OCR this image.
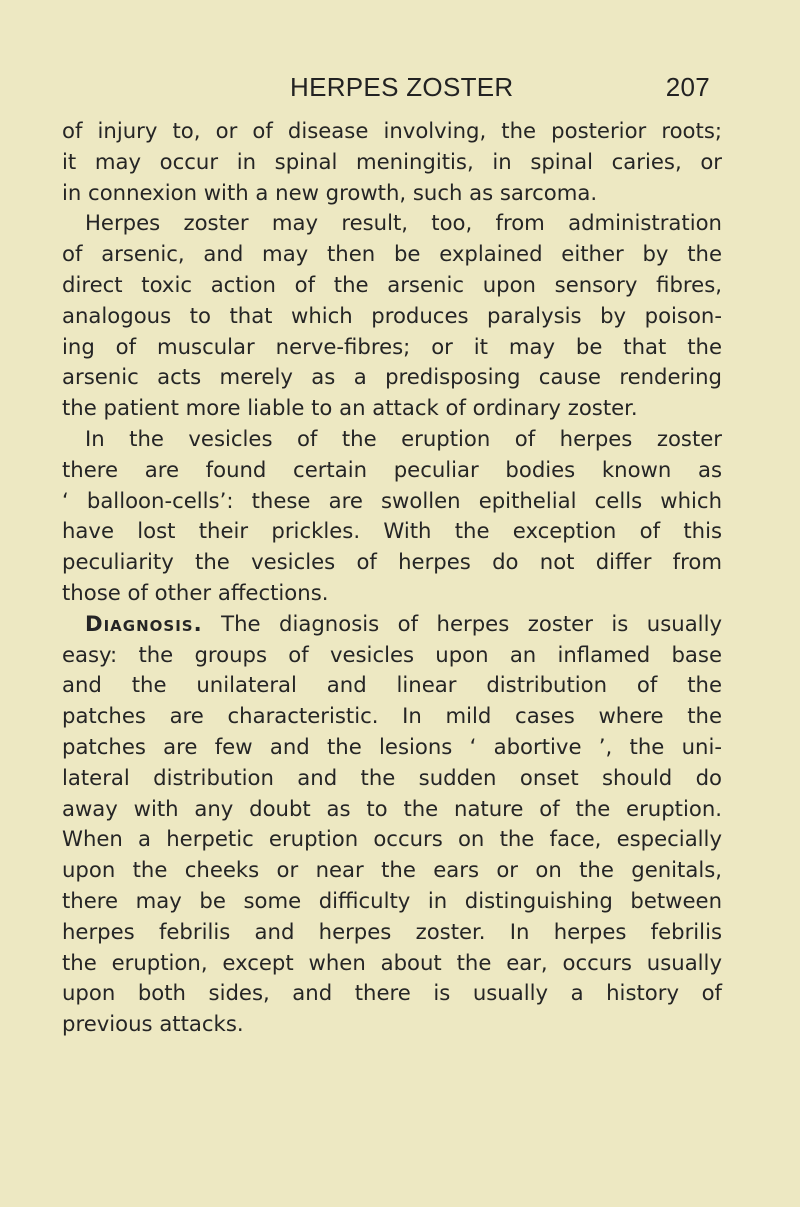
HERPES ZOSTER	207
of injury to, or of disease involving, the posterior roots;
it may occur in spinal meningitis, in spinal caries, or
in connexion with a new growth, such as sarcoma.
Herpes zoster may result, too, from administration
of arsenic, and may then be explained either by the
direct toxic action of the arsenic upon sensory fibres,
analogous to that which produces paralysis by poison-
ing of muscular nerve-fibres; or it may be that the
arsenic acts merely as a predisposing cause rendering
the patient more liable to an attack of ordinary zoster.
In the vesicles of the eruption of herpes zoster
there are found certain peculiar bodies known as
‘ balloon-cells’: these are swollen epithelial cells which
have lost their prickles. With the exception of this
peculiarity the vesicles of herpes do not differ from
those of other affections.
Diagnosis. The diagnosis of herpes zoster is usually
easy: the groups of vesicles upon an inflamed base
and the unilateral and linear distribution of the
patches are characteristic. In mild cases where the
patches are few and the lesions ‘ abortive ’, the uni-
lateral distribution and the sudden onset should do
away with any doubt as to the nature of the eruption.
When a herpetic eruption occurs on the face, especially
upon the cheeks or near the ears or on the genitals,
there may be some difficulty in distinguishing between
herpes febrilis and herpes zoster. In herpes febrilis
the eruption, except when about the ear, occurs usually
upon both sides, and there is usually a history of
previous attacks.
